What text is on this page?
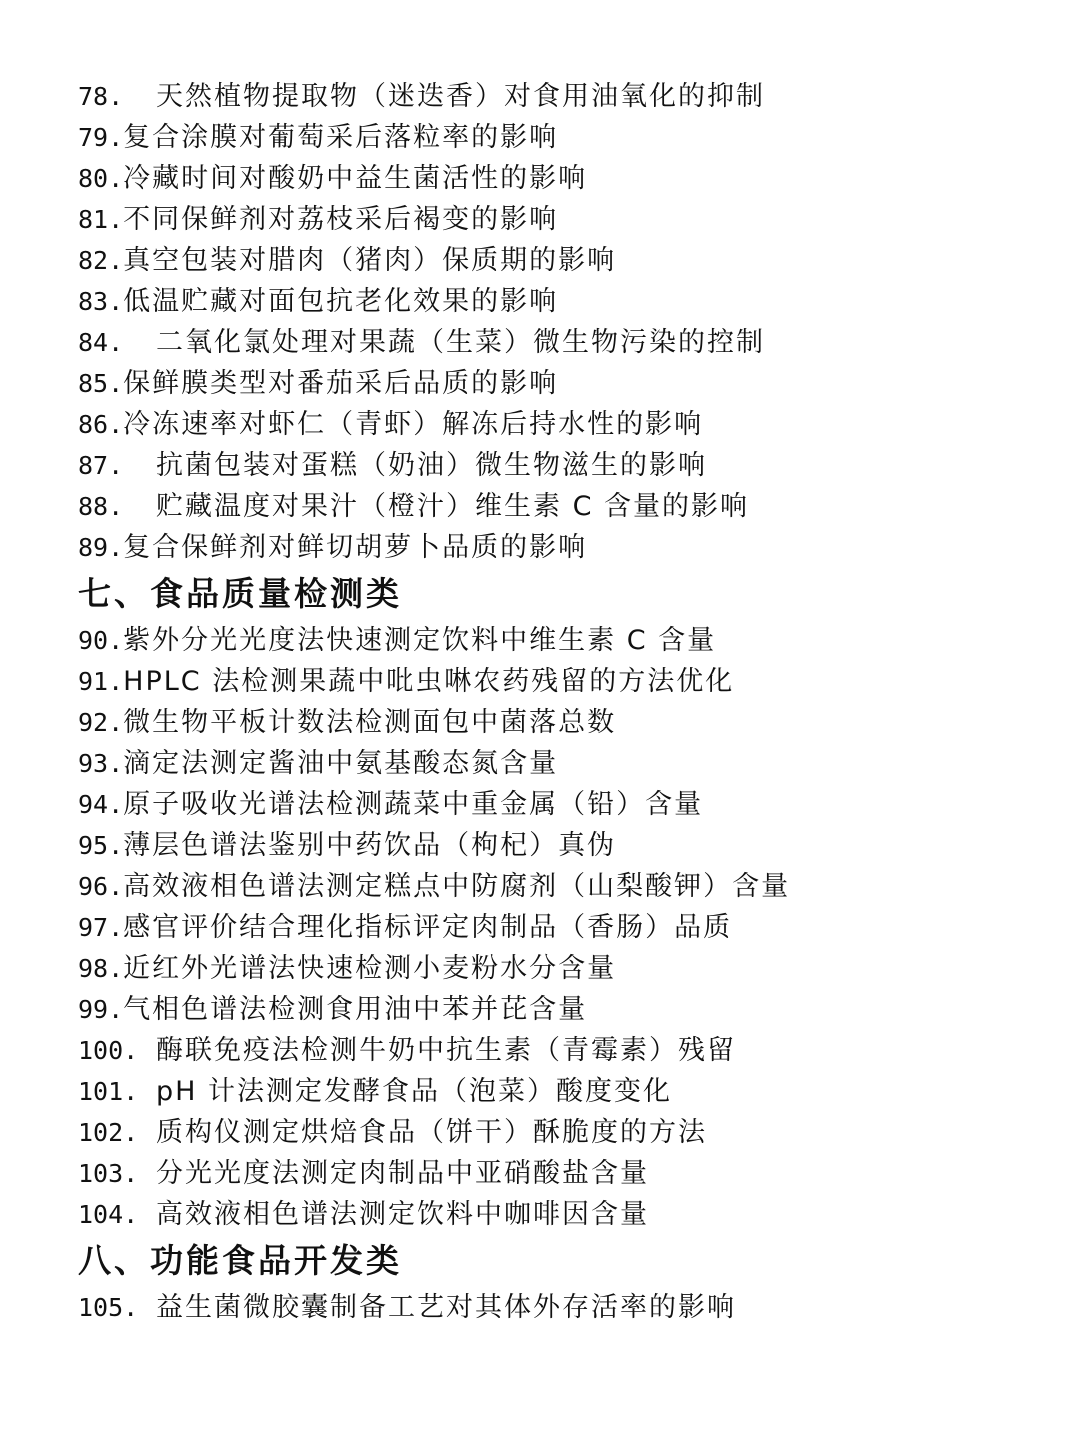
78.	天然植物提取物（迷迭香）对食用油氧化的抑制
79. 复合涂膜对葡萄采后落粒率的影响
80. 冷藏时间对酸奶中益生菌活性的影响
81. 不同保鲜剂对荔枝采后褐变的影响
82. 真空包装对腊肉（猪肉）保质期的影响
83. 低温贮藏对面包抗老化效果的影响
84.	二氧化氯处理对果蔬（生菜）微生物污染的控制
85. 保鲜膜类型对番茄采后品质的影响
86. 冷冻速率对虾仁（青虾）解冻后持水性的影响
87.	抗菌包装对蛋糕（奶油）微生物滋生的影响
88.	贮藏温度对果汁（橙汁）维生素 C 含量的影响
89. 复合保鲜剂对鲜切胡萝卜品质的影响
七、食品质量检测类
90. 紫外分光光度法快速测定饮料中维生素 C 含量
91. HPLC 法检测果蔬中吡虫啉农药残留的方法优化
92. 微生物平板计数法检测面包中菌落总数
93. 滴定法测定酱油中氨基酸态氮含量
94. 原子吸收光谱法检测蔬菜中重金属（铅）含量
95. 薄层色谱法鉴别中药饮品（枸杞）真伪
96. 高效液相色谱法测定糕点中防腐剂（山梨酸钾）含量
97. 感官评价结合理化指标评定肉制品（香肠）品质
98. 近红外光谱法快速检测小麦粉水分含量
99. 气相色谱法检测食用油中苯并芘含量
100. 酶联免疫法检测牛奶中抗生素（青霉素）残留
101. pH 计法测定发酵食品（泡菜）酸度变化
102. 质构仪测定烘焙食品（饼干）酥脆度的方法
103. 分光光度法测定肉制品中亚硝酸盐含量
104. 高效液相色谱法测定饮料中咖啡因含量
八、功能食品开发类
105. 益生菌微胶囊制备工艺对其体外存活率的影响
